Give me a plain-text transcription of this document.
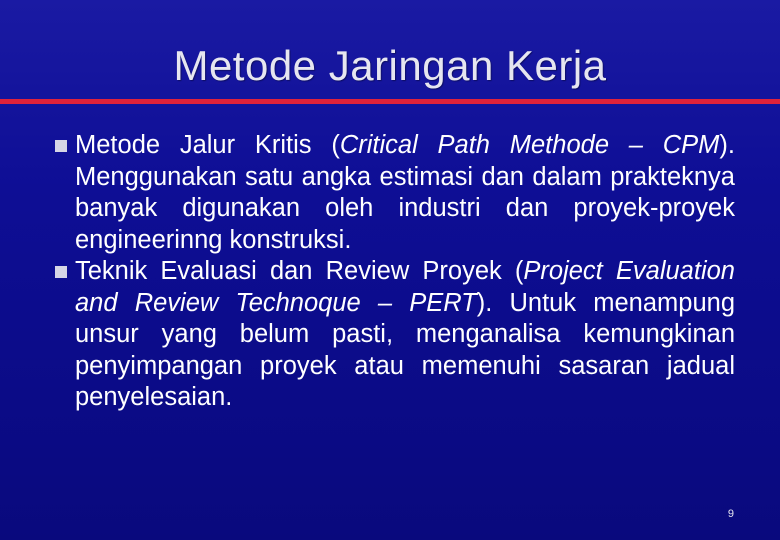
Metode Jaringan Kerja
Metode Jalur Kritis (Critical Path Methode – CPM). Menggunakan satu angka estimasi dan dalam prakteknya banyak digunakan oleh industri dan proyek-proyek engineerinng konstruksi.
Teknik Evaluasi dan Review Proyek (Project Evaluation and Review Technoque – PERT). Untuk menampung unsur yang belum pasti, menganalisa kemungkinan penyimpangan proyek atau memenuhi sasaran jadual penyelesaian.
9
